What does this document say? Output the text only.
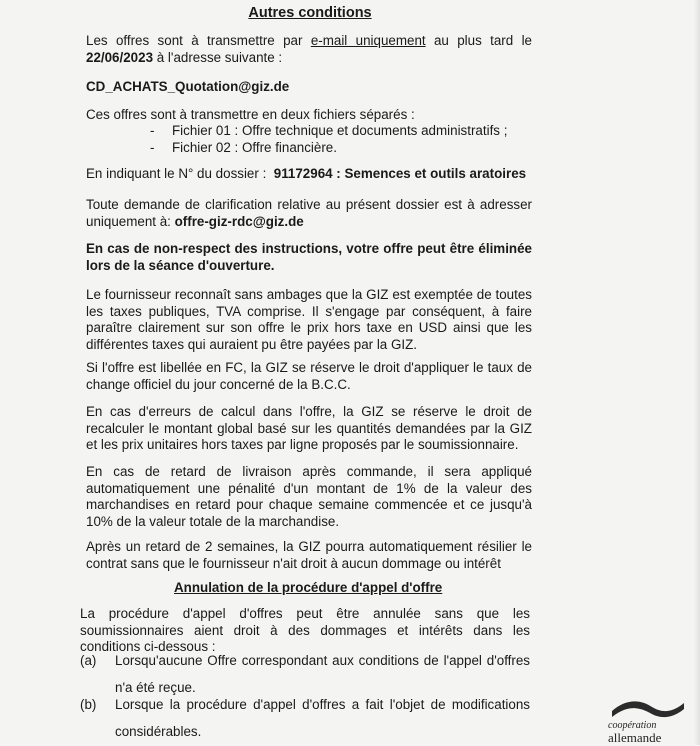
Autres conditions

Les offres sont à transmettre par e-mail uniquement au plus tard le 22/06/2023 à l'adresse suivante :

CD_ACHATS_Quotation@giz.de

Ces offres sont à transmettre en deux fichiers séparés :

- Fichier 01 : Offre technique et documents administratifs ;
- Fichier 02 : Offre financière.

En indiquant le N° du dossier : 91172964 : Semences et outils aratoires

Toute demande de clarification relative au présent dossier est à adresser uniquement à: offre-giz-rdc@giz.de

En cas de non-respect des instructions, votre offre peut être éliminée lors de la séance d'ouverture.

Le fournisseur reconnaît sans ambages que la GIZ est exemptée de toutes les taxes publiques, TVA comprise. Il s'engage par conséquent, à faire paraître clairement sur son offre le prix hors taxe en USD ainsi que les différentes taxes qui auraient pu être payées par la GIZ.

Si l'offre est libellée en FC, la GIZ se réserve le droit d'appliquer le taux de change officiel du jour concerné de la B.C.C.

En cas d'erreurs de calcul dans l'offre, la GIZ se réserve le droit de recalculer le montant global basé sur les quantités demandées par la GIZ et les prix unitaires hors taxes par ligne proposés par le soumissionnaire.

En cas de retard de livraison après commande, il sera appliqué automatiquement une pénalité d'un montant de 1% de la valeur des marchandises en retard pour chaque semaine commencée et ce jusqu'à 10% de la valeur totale de la marchandise.

Après un retard de 2 semaines, la GIZ pourra automatiquement résilier le contrat sans que le fournisseur n'ait droit à aucun dommage ou intérêt

Annulation de la procédure d'appel d'offre

La procédure d'appel d'offres peut être annulée sans que les soumissionnaires aient droit à des dommages et intérêts dans les conditions ci-dessous :

(a) Lorsqu'aucune Offre correspondant aux conditions de l'appel d'offres n'a été reçue.
(b) Lorsque la procédure d'appel d'offres a fait l'objet de modifications considérables.	coopération
allemande
